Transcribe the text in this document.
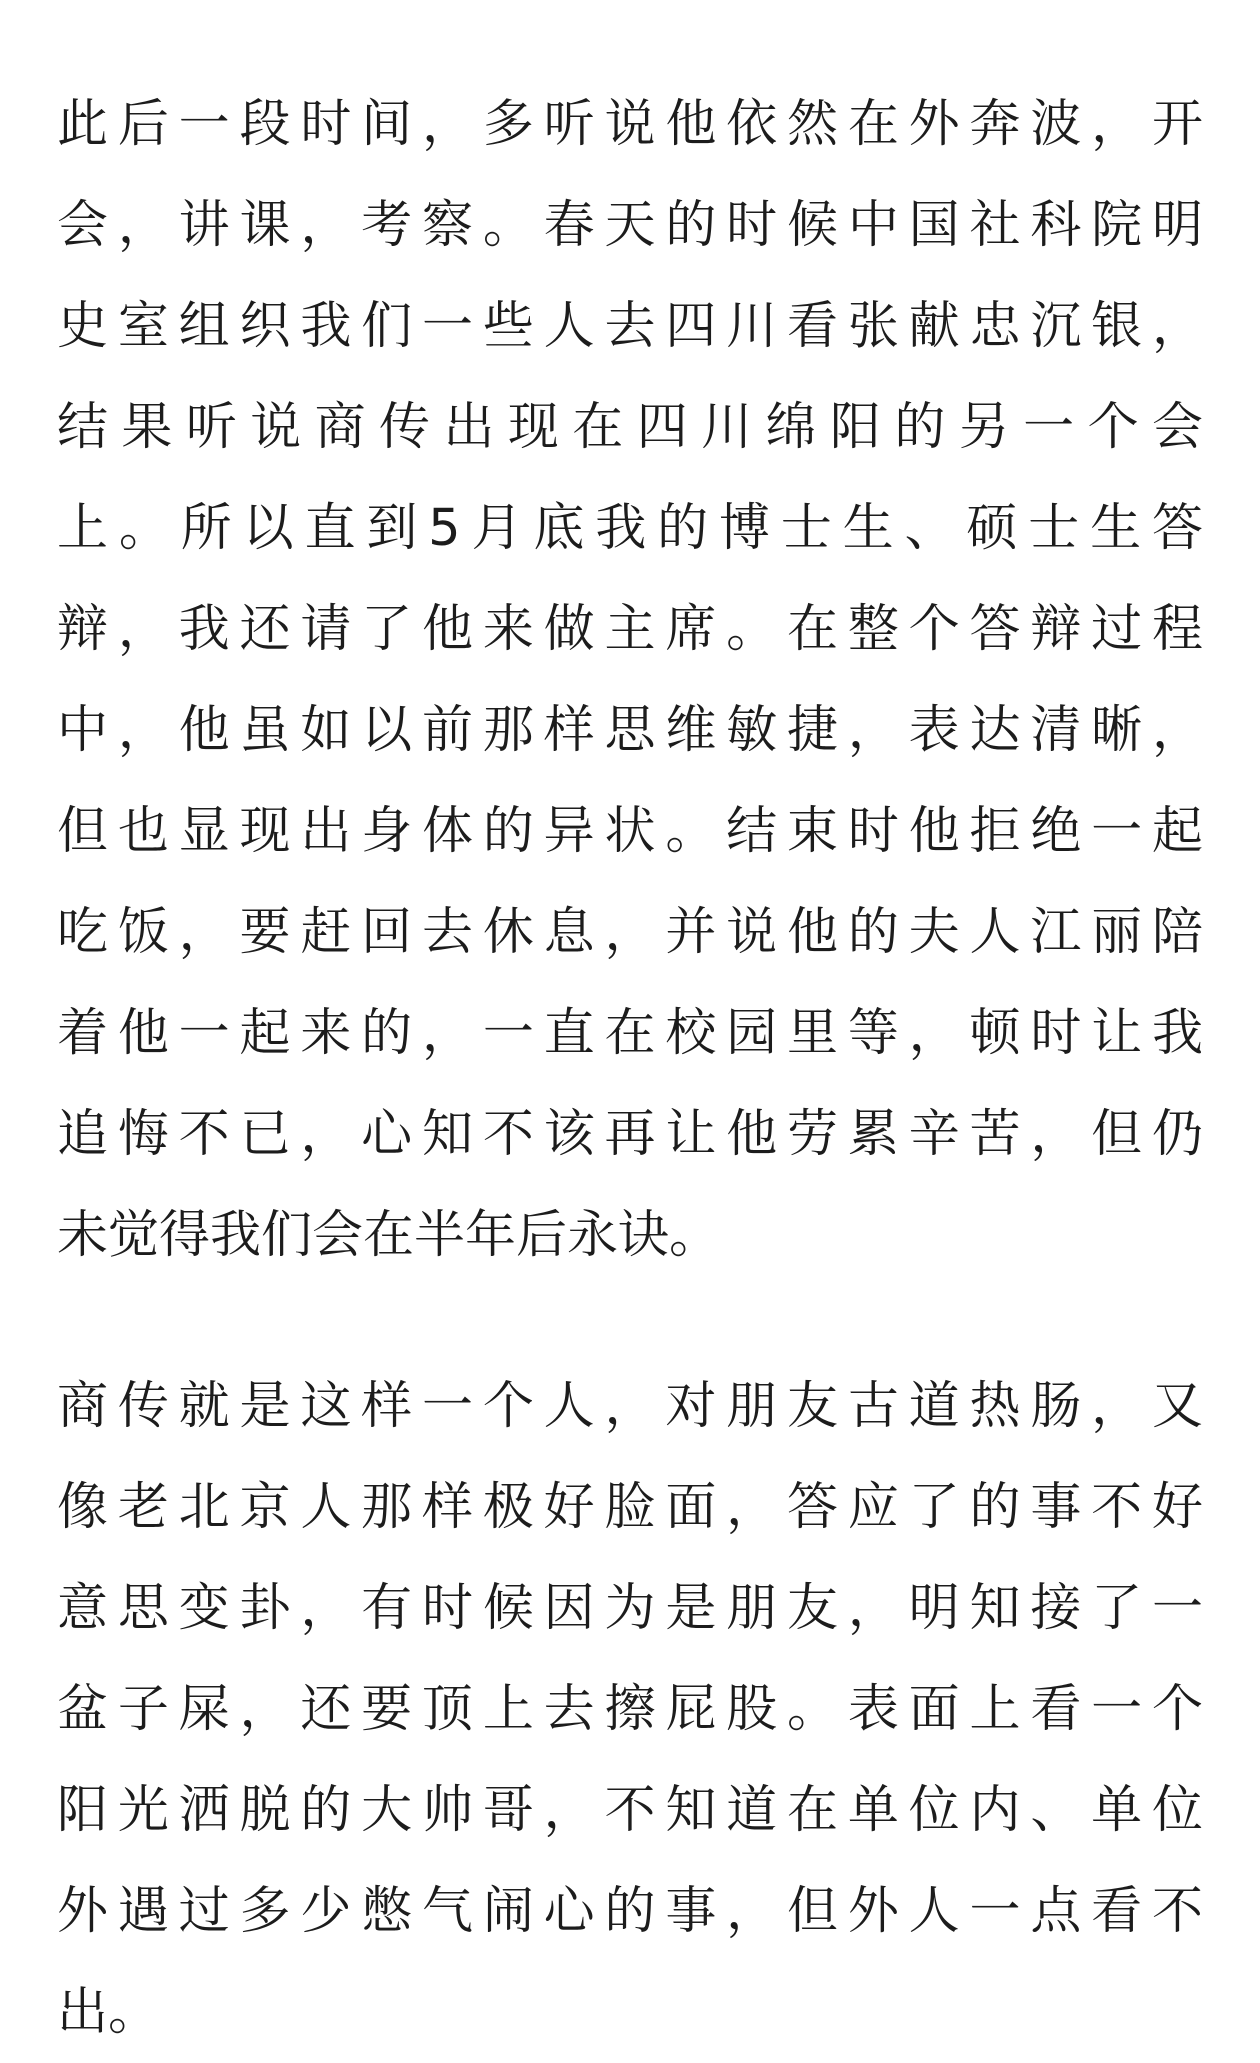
此后一段时间，多听说他依然在外奔波，开
会，讲课，考察。春天的时候中国社科院明
史室组织我们一些人去四川看张献忠沉银，
结果听说商传出现在四川绵阳的另一个会
上。所以直到5月底我的博士生、硕士生答
辩，我还请了他来做主席。在整个答辩过程
中，他虽如以前那样思维敏捷，表达清晰，
但也显现出身体的异状。结束时他拒绝一起
吃饭，要赶回去休息，并说他的夫人江丽陪
着他一起来的，一直在校园里等，顿时让我
追悔不已，心知不该再让他劳累辛苦，但仍
未觉得我们会在半年后永诀。
商传就是这样一个人，对朋友古道热肠，又
像老北京人那样极好脸面，答应了的事不好
意思变卦，有时候因为是朋友，明知接了一
盆子屎，还要顶上去擦屁股。表面上看一个
阳光洒脱的大帅哥，不知道在单位内、单位
外遇过多少憋气闹心的事，但外人一点看不
出。
